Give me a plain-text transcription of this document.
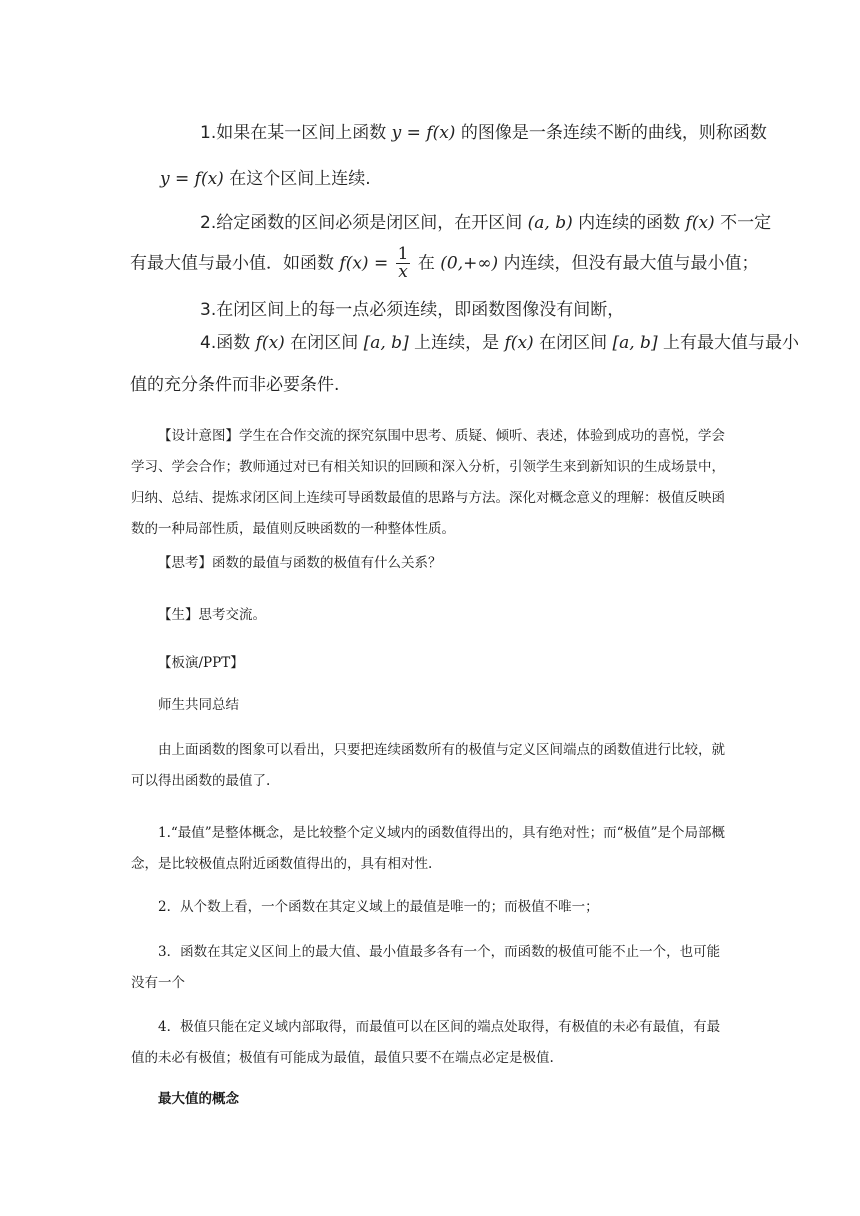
1.如果在某一区间上函数 y = f(x) 的图像是一条连续不断的曲线，则称函数
y = f(x) 在这个区间上连续.
2.给定函数的区间必须是闭区间，在开区间 (a, b) 内连续的函数 f(x) 不一定
有最大值与最小值．如函数 $f(x) = \frac{1}{x}$ 在 (0,+∞) 内连续，但没有最大值与最小值；
3.在闭区间上的每一点必须连续，即函数图像没有间断，
4.函数 f(x) 在闭区间 [a, b] 上连续，是 f(x) 在闭区间 [a, b] 上有最大值与最小
值的充分条件而非必要条件.
【设计意图】学生在合作交流的探究氛围中思考、质疑、倾听、表述，体验到成功的喜悦，学会学习、学会合作；教师通过对已有相关知识的回顾和深入分析，引领学生来到新知识的生成场景中，归纳、总结、提炼求闭区间上连续可导函数最值的思路与方法。深化对概念意义的理解：极值反映函数的一种局部性质，最值则反映函数的一种整体性质。
【思考】函数的最值与函数的极值有什么关系？
【生】思考交流。
【板演/PPT】
师生共同总结
由上面函数的图象可以看出，只要把连续函数所有的极值与定义区间端点的函数值进行比较，就可以得出函数的最值了.
1.“最值”是整体概念，是比较整个定义域内的函数值得出的，具有绝对性；而“极值”是个局部概念，是比较极值点附近函数值得出的，具有相对性.
2．从个数上看，一个函数在其定义域上的最值是唯一的；而极值不唯一；
3．函数在其定义区间上的最大值、最小值最多各有一个，而函数的极值可能不止一个，也可能没有一个
4．极值只能在定义域内部取得，而最值可以在区间的端点处取得，有极值的未必有最值，有最值的未必有极值；极值有可能成为最值，最值只要不在端点必定是极值.
最大值的概念
